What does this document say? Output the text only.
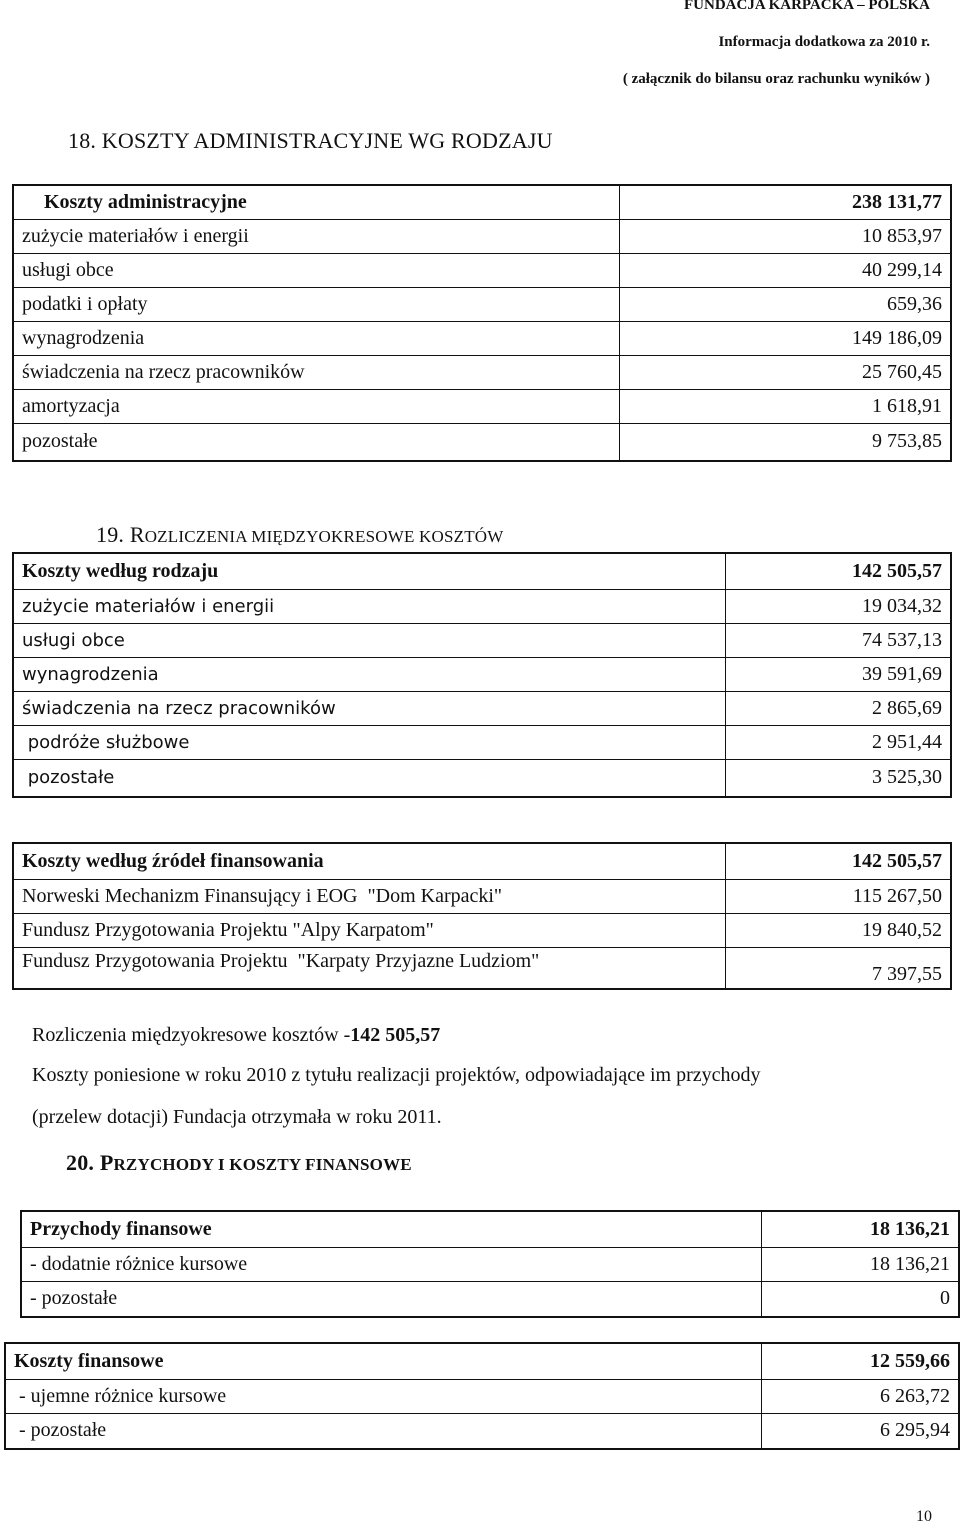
FUNDACJA KARPACKA – POLSKA
Informacja dodatkowa za 2010 r.
( załącznik do bilansu oraz rachunku wyników )
18. KOSZTY ADMINISTRACYJNE WG RODZAJU
Koszty administracyjne	238 131,77
zużycie materiałów i energii	10 853,97
usługi obce	40 299,14
podatki i opłaty	659,36
wynagrodzenia	149 186,09
świadczenia na rzecz pracowników	25 760,45
amortyzacja	1 618,91
pozostałe	9 753,85
19. ROZLICZENIA MIĘDZYOKRESOWE KOSZTÓW
Koszty według rodzaju	142 505,57
zużycie materiałów i energii	19 034,32
usługi obce	74 537,13
wynagrodzenia	39 591,69
świadczenia na rzecz pracowników	2 865,69
podróże służbowe	2 951,44
pozostałe	3 525,30
Koszty według źródeł finansowania	142 505,57
Norweski Mechanizm Finansujący i EOG  "Dom Karpacki"	115 267,50
Fundusz Przygotowania Projektu "Alpy Karpatom"	19 840,52
Fundusz Przygotowania Projektu  "Karpaty Przyjazne Ludziom"	7 397,55
Rozliczenia międzyokresowe kosztów -142 505,57
Koszty poniesione w roku 2010 z tytułu realizacji projektów, odpowiadające im przychody
(przelew dotacji) Fundacja otrzymała w roku 2011.
20. PRZYCHODY I KOSZTY FINANSOWE
Przychody finansowe	18 136,21
- dodatnie różnice kursowe	18 136,21
- pozostałe	0
Koszty finansowe	12 559,66
- ujemne różnice kursowe	6 263,72
- pozostałe	6 295,94
10
